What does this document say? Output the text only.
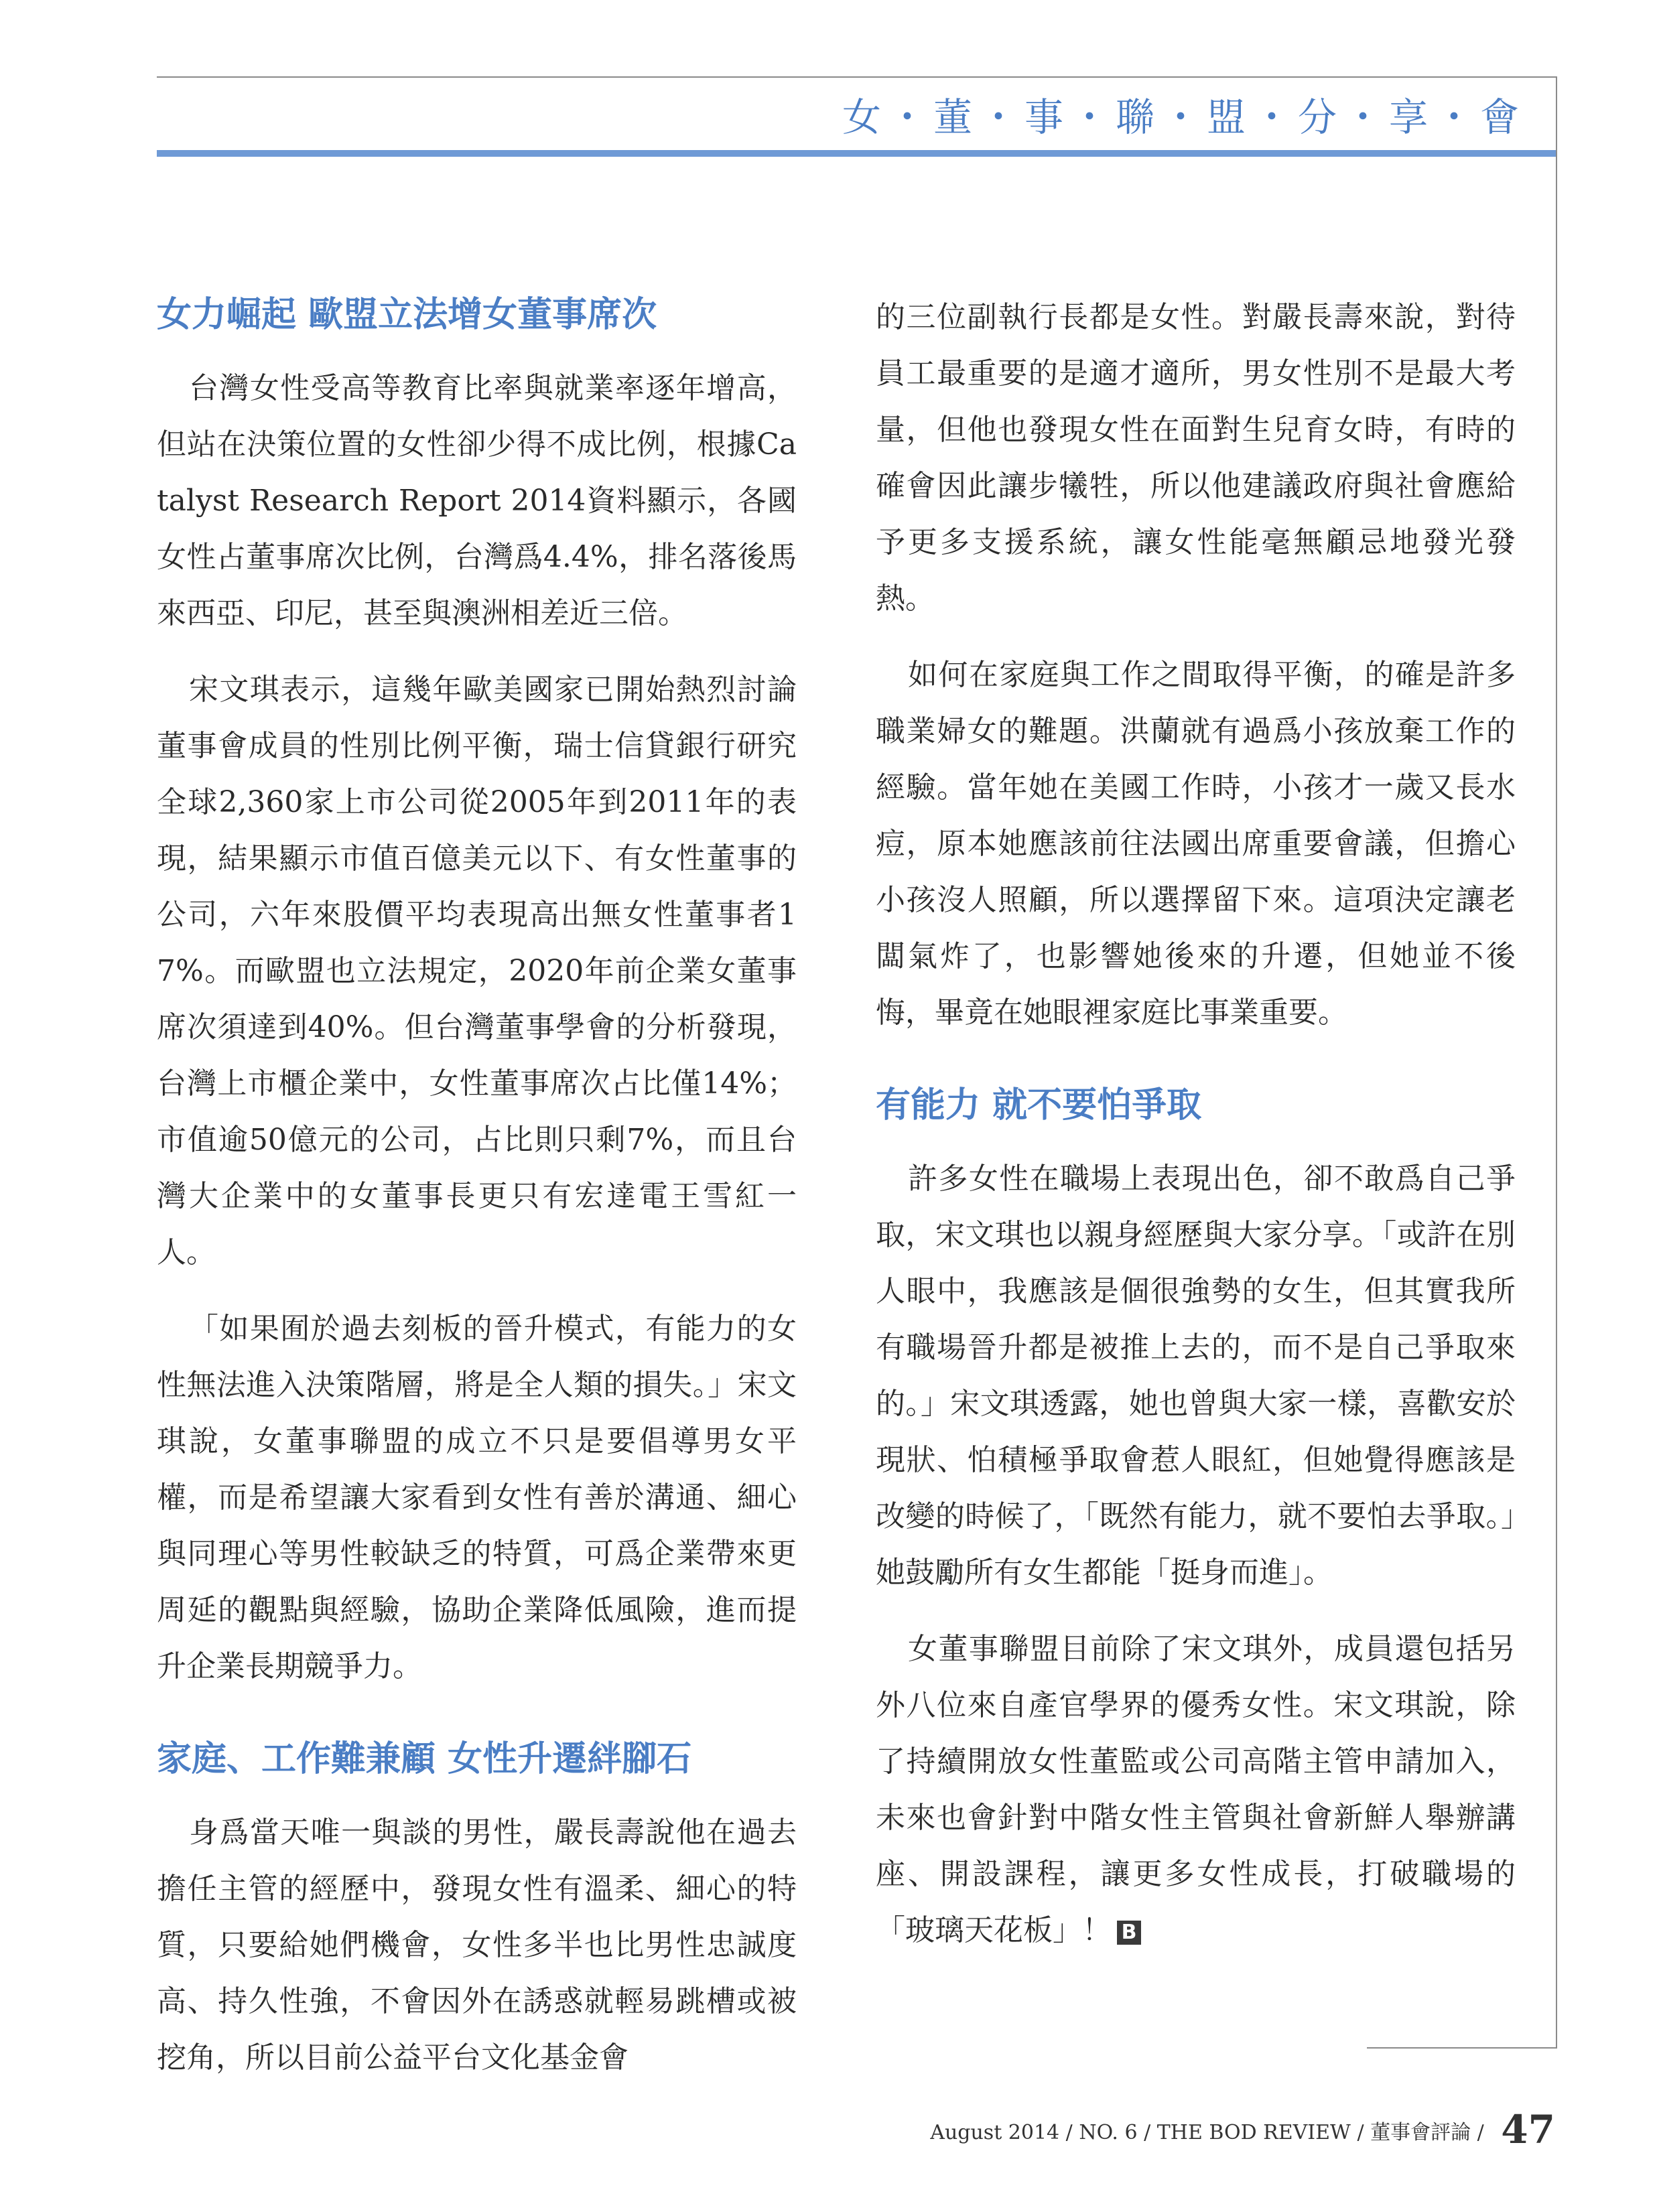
女・董・事・聯・盟・分・享・會
女力崛起 歐盟立法增女董事席次

台灣女性受高等教育比率與就業率逐年增高，但站在決策位置的女性卻少得不成比例，根據Catalyst Research Report 2014資料顯示，各國女性占董事席次比例，台灣爲4.4%，排名落後馬來西亞、印尼，甚至與澳洲相差近三倍。

宋文琪表示，這幾年歐美國家已開始熱烈討論董事會成員的性別比例平衡，瑞士信貸銀行研究全球2,360家上市公司從2005年到2011年的表現，結果顯示市值百億美元以下、有女性董事的公司，六年來股價平均表現高出無女性董事者17%。而歐盟也立法規定，2020年前企業女董事席次須達到40%。但台灣董事學會的分析發現，台灣上市櫃企業中，女性董事席次占比僅14%；市值逾50億元的公司，占比則只剩7%，而且台灣大企業中的女董事長更只有宏達電王雪紅一人。

「如果囿於過去刻板的晉升模式，有能力的女性無法進入決策階層，將是全人類的損失。」宋文琪說，女董事聯盟的成立不只是要倡導男女平權，而是希望讓大家看到女性有善於溝通、細心與同理心等男性較缺乏的特質，可爲企業帶來更周延的觀點與經驗，協助企業降低風險，進而提升企業長期競爭力。

家庭、工作難兼顧 女性升遷絆腳石

身爲當天唯一與談的男性，嚴長壽說他在過去擔任主管的經歷中，發現女性有溫柔、細心的特質，只要給她們機會，女性多半也比男性忠誠度高、持久性強，不會因外在誘惑就輕易跳槽或被挖角，所以目前公益平台文化基金會

的三位副執行長都是女性。對嚴長壽來說，對待員工最重要的是適才適所，男女性別不是最大考量，但他也發現女性在面對生兒育女時，有時的確會因此讓步犧牲，所以他建議政府與社會應給予更多支援系統，讓女性能毫無顧忌地發光發熱。

如何在家庭與工作之間取得平衡，的確是許多職業婦女的難題。洪蘭就有過爲小孩放棄工作的經驗。當年她在美國工作時，小孩才一歲又長水痘，原本她應該前往法國出席重要會議，但擔心小孩沒人照顧，所以選擇留下來。這項決定讓老闆氣炸了，也影響她後來的升遷，但她並不後悔，畢竟在她眼裡家庭比事業重要。

有能力 就不要怕爭取

許多女性在職場上表現出色，卻不敢爲自己爭取，宋文琪也以親身經歷與大家分享。「或許在別人眼中，我應該是個很強勢的女生，但其實我所有職場晉升都是被推上去的，而不是自己爭取來的。」宋文琪透露，她也曾與大家一樣，喜歡安於現狀、怕積極爭取會惹人眼紅，但她覺得應該是改變的時候了，「既然有能力，就不要怕去爭取。」她鼓勵所有女生都能「挺身而進」。

女董事聯盟目前除了宋文琪外，成員還包括另外八位來自產官學界的優秀女性。宋文琪說，除了持續開放女性董監或公司高階主管申請加入，未來也會針對中階女性主管與社會新鮮人舉辦講座、開設課程，讓更多女性成長，打破職場的「玻璃天花板」！ B

August 2014 / NO. 6 / THE BOD REVIEW / 董事會評論 / 47
